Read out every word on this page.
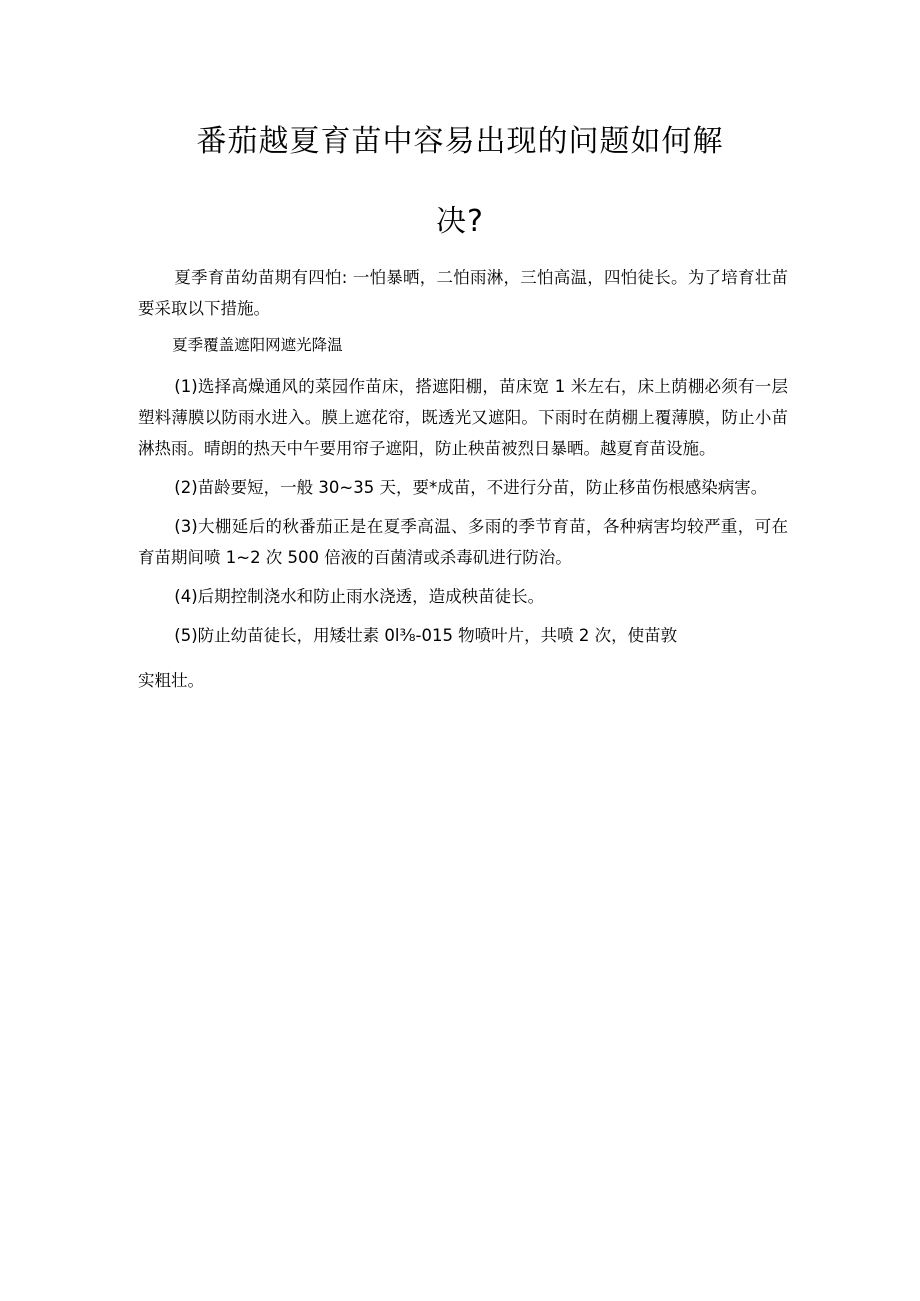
番茄越夏育苗中容易出现的问题如何解
决?

夏季育苗幼苗期有四怕: 一怕暴晒，二怕雨淋，三怕高温，四怕徒长。为了培育壮苗要采取以下措施。

夏季覆盖遮阳网遮光降温

(1)选择高燥通风的菜园作苗床，搭遮阳棚，苗床宽 1 米左右，床上荫棚必须有一层塑料薄膜以防雨水进入。膜上遮花帘，既透光又遮阳。下雨时在荫棚上覆薄膜，防止小苗淋热雨。晴朗的热天中午要用帘子遮阳，防止秧苗被烈日暴晒。越夏育苗设施。

(2)苗龄要短，一般 30~35 天，要*成苗，不进行分苗，防止移苗伤根感染病害。

(3)大棚延后的秋番茄正是在夏季高温、多雨的季节育苗，各种病害均较严重，可在育苗期间喷 1~2 次 500 倍液的百菌清或杀毒矶进行防治。

(4)后期控制浇水和防止雨水浇透，造成秧苗徒长。

(5)防止幼苗徒长，用矮壮素 0l⅜-015 物喷叶片，共喷 2 次，使苗敦

实粗壮。
